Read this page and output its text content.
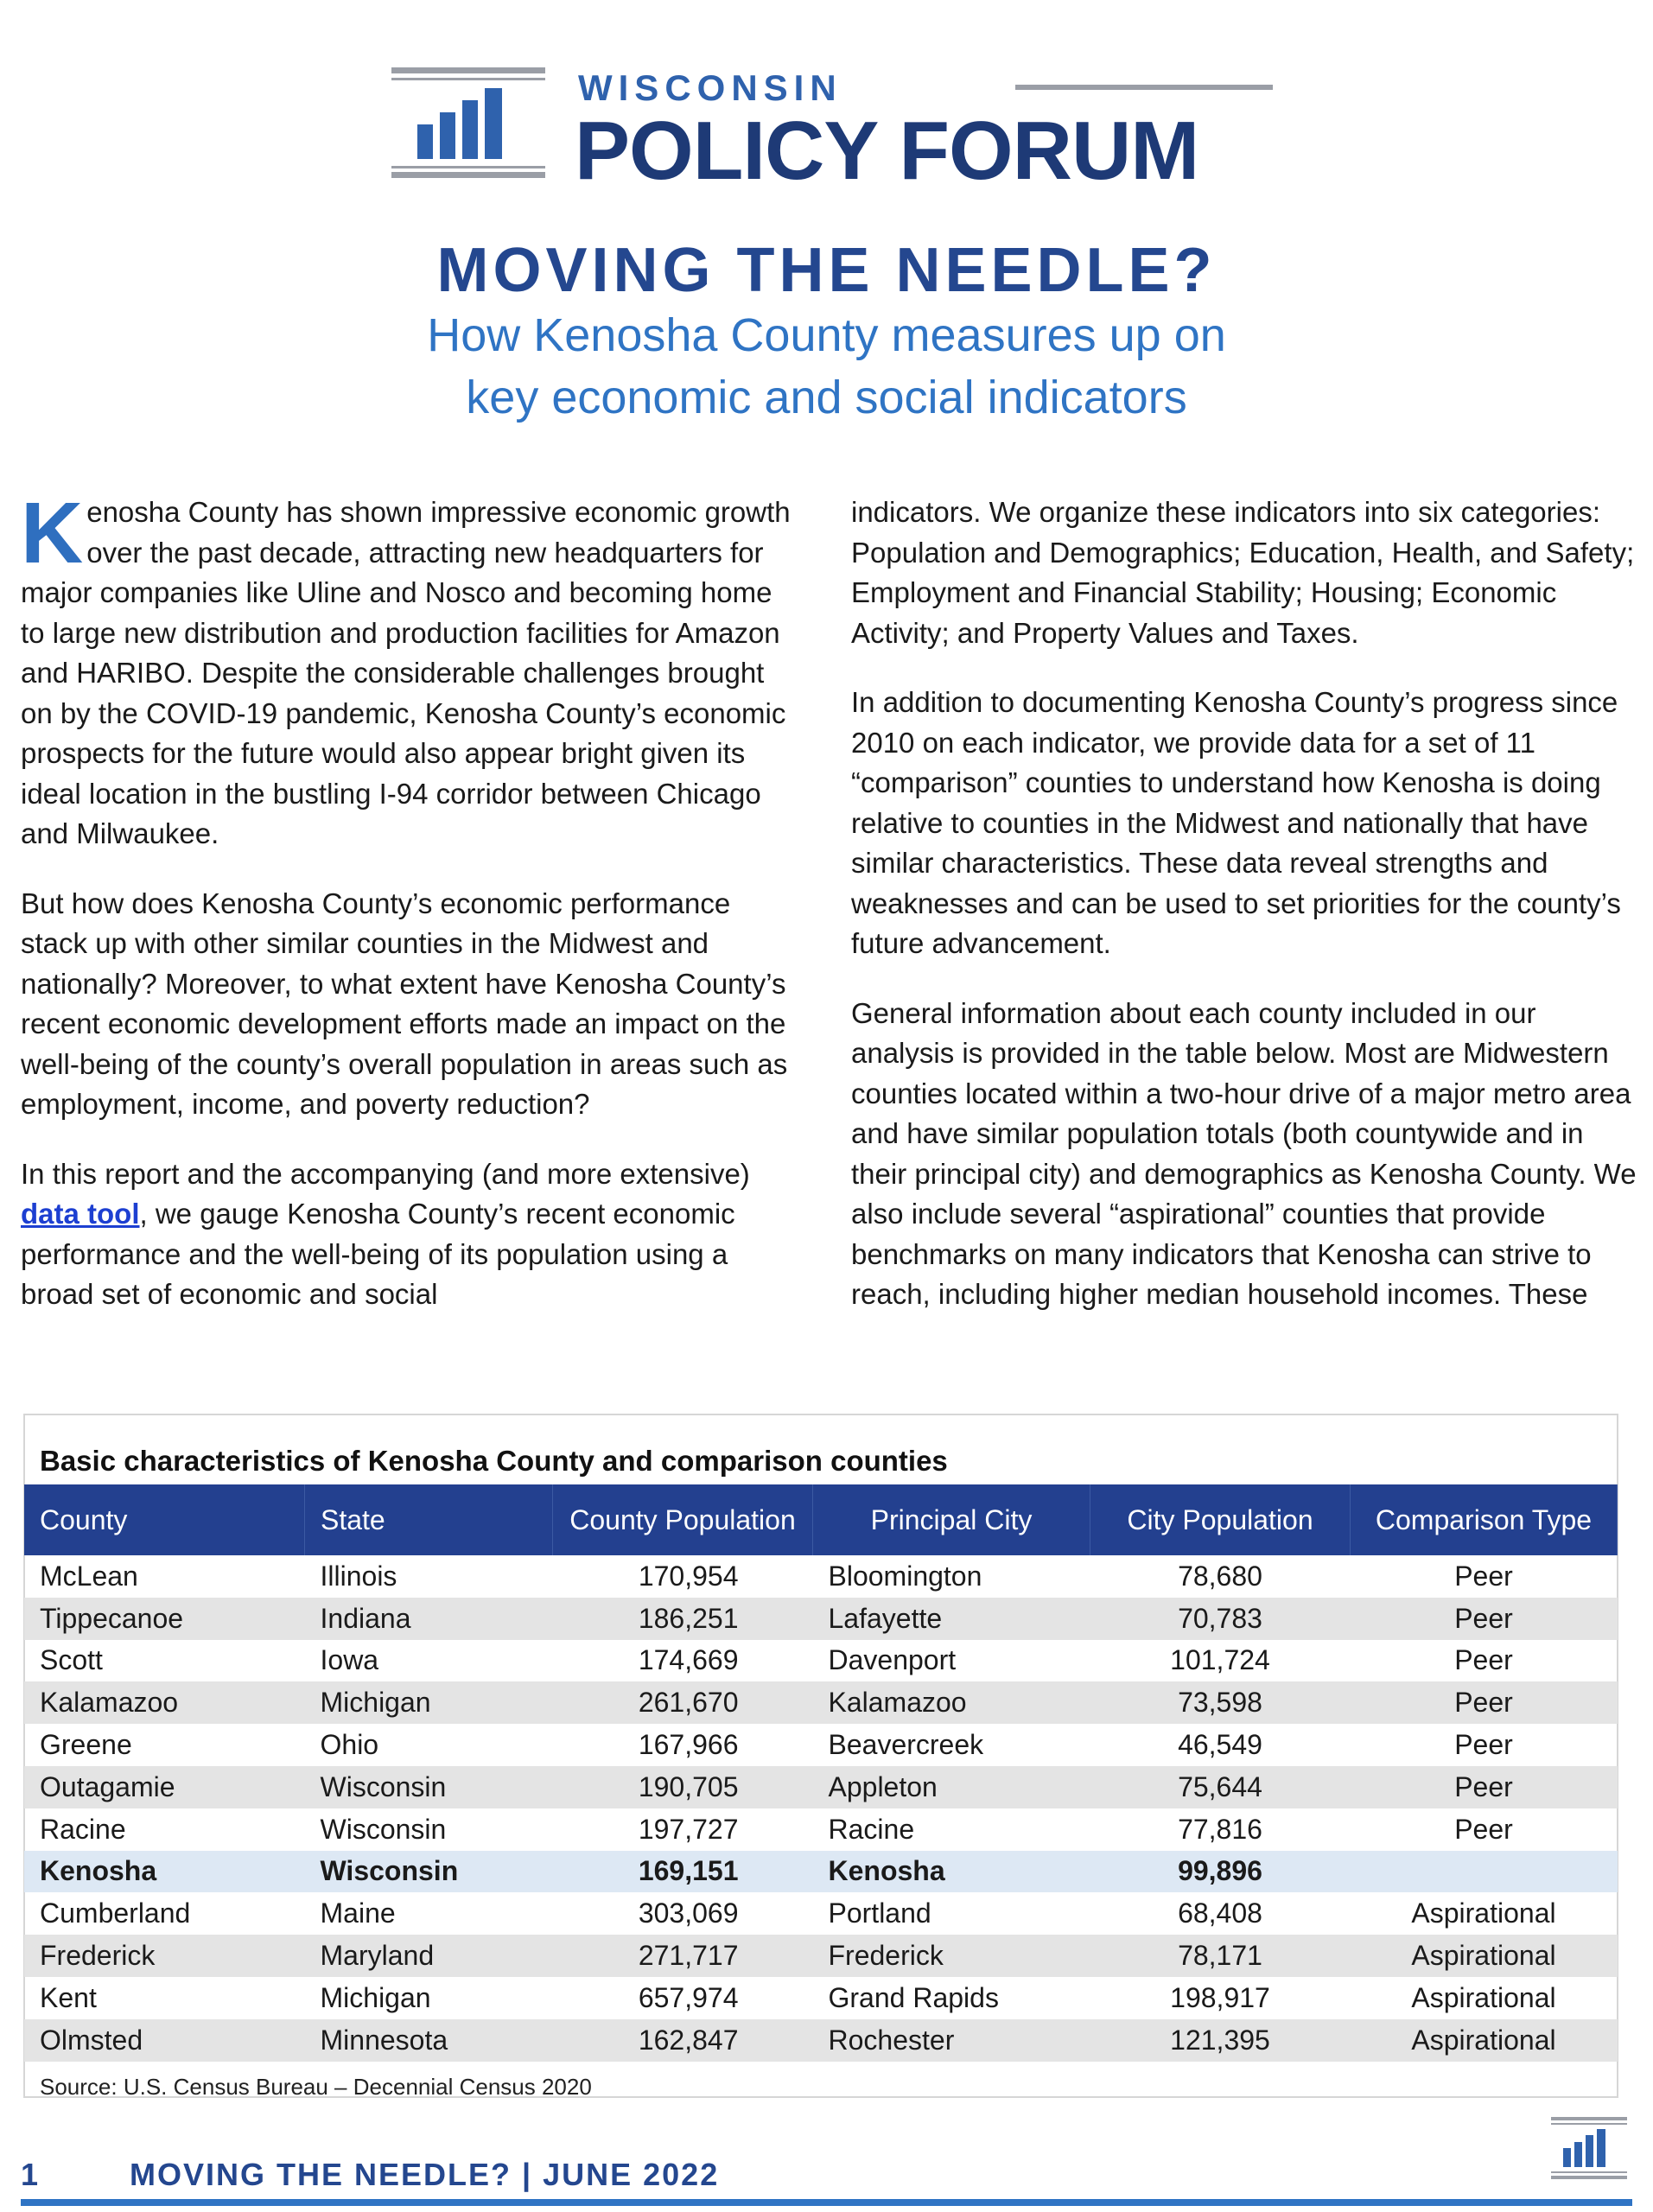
WISCONSIN
POLICY FORUM
MOVING THE NEEDLE?
How Kenosha County measures up on
key economic and social indicators

Kenosha County has shown impressive economic growth over the past decade, attracting new headquarters for major companies like Uline and Nosco and becoming home to large new distribution and production facilities for Amazon and HARIBO. Despite the considerable challenges brought on by the COVID-19 pandemic, Kenosha County’s economic prospects for the future would also appear bright given its ideal location in the bustling I-94 corridor between Chicago and Milwaukee.

But how does Kenosha County’s economic performance stack up with other similar counties in the Midwest and nationally? Moreover, to what extent have Kenosha County’s recent economic development efforts made an impact on the well-being of the county’s overall population in areas such as employment, income, and poverty reduction?

In this report and the accompanying (and more extensive) data tool, we gauge Kenosha County’s recent economic performance and the well-being of its population using a broad set of economic and social

indicators. We organize these indicators into six categories: Population and Demographics; Education, Health, and Safety; Employment and Financial Stability; Housing; Economic Activity; and Property Values and Taxes.

In addition to documenting Kenosha County’s progress since 2010 on each indicator, we provide data for a set of 11 “comparison” counties to understand how Kenosha is doing relative to counties in the Midwest and nationally that have similar characteristics. These data reveal strengths and weaknesses and can be used to set priorities for the county’s future advancement.

General information about each county included in our analysis is provided in the table below. Most are Midwestern counties located within a two-hour drive of a major metro area and have similar population totals (both countywide and in their principal city) and demographics as Kenosha County. We also include several “aspirational” counties that provide benchmarks on many indicators that Kenosha can strive to reach, including higher median household incomes. These

Basic characteristics of Kenosha County and comparison counties
County	State	County Population	Principal City	City Population	Comparison Type
McLean	Illinois	170,954	Bloomington	78,680	Peer
Tippecanoe	Indiana	186,251	Lafayette	70,783	Peer
Scott	Iowa	174,669	Davenport	101,724	Peer
Kalamazoo	Michigan	261,670	Kalamazoo	73,598	Peer
Greene	Ohio	167,966	Beavercreek	46,549	Peer
Outagamie	Wisconsin	190,705	Appleton	75,644	Peer
Racine	Wisconsin	197,727	Racine	77,816	Peer
Kenosha	Wisconsin	169,151	Kenosha	99,896	
Cumberland	Maine	303,069	Portland	68,408	Aspirational
Frederick	Maryland	271,717	Frederick	78,171	Aspirational
Kent	Michigan	657,974	Grand Rapids	198,917	Aspirational
Olmsted	Minnesota	162,847	Rochester	121,395	Aspirational
Source: U.S. Census Bureau – Decennial Census 2020
1	MOVING THE NEEDLE? | JUNE 2022
